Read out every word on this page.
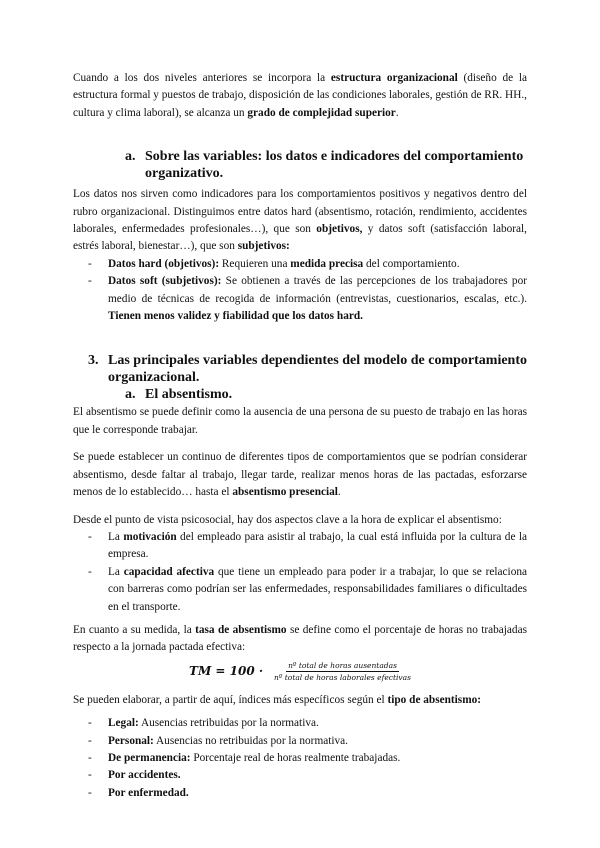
Cuando a los dos niveles anteriores se incorpora la estructura organizacional (diseño de la estructura formal y puestos de trabajo, disposición de las condiciones laborales, gestión de RR. HH., cultura y clima laboral), se alcanza un grado de complejidad superior.

a. Sobre las variables: los datos e indicadores del comportamiento organizativo.

Los datos nos sirven como indicadores para los comportamientos positivos y negativos dentro del rubro organizacional. Distinguimos entre datos hard (absentismo, rotación, rendimiento, accidentes laborales, enfermedades profesionales…), que son objetivos, y datos soft (satisfacción laboral, estrés laboral, bienestar…), que son subjetivos:

- Datos hard (objetivos): Requieren una medida precisa del comportamiento.
- Datos soft (subjetivos): Se obtienen a través de las percepciones de los trabajadores por medio de técnicas de recogida de información (entrevistas, cuestionarios, escalas, etc.). Tienen menos validez y fiabilidad que los datos hard.
3. Las principales variables dependientes del modelo de comportamiento organizacional.
a. El absentismo.

El absentismo se puede definir como la ausencia de una persona de su puesto de trabajo en las horas que le corresponde trabajar.

Se puede establecer un continuo de diferentes tipos de comportamientos que se podrían considerar absentismo, desde faltar al trabajo, llegar tarde, realizar menos horas de las pactadas, esforzarse menos de lo establecido… hasta el absentismo presencial.

Desde el punto de vista psicosocial, hay dos aspectos clave a la hora de explicar el absentismo:

- La motivación del empleado para asistir al trabajo, la cual está influida por la cultura de la empresa.
- La capacidad afectiva que tiene un empleado para poder ir a trabajar, lo que se relaciona con barreras como podrían ser las enfermedades, responsabilidades familiares o dificultades en el transporte.

En cuanto a su medida, la tasa de absentismo se define como el porcentaje de horas no trabajadas respecto a la jornada pactada efectiva:

TM = $100 \cdot \frac{\text{nº total de horas ausentadas}}{\text{nº total de horas laborales efectivas}}$

Se pueden elaborar, a partir de aquí, índices más específicos según el tipo de absentismo:

- Legal: Ausencias retribuidas por la normativa.
- Personal: Ausencias no retribuidas por la normativa.
- De permanencia: Porcentaje real de horas realmente trabajadas.
- Por accidentes.
- Por enfermedad.
